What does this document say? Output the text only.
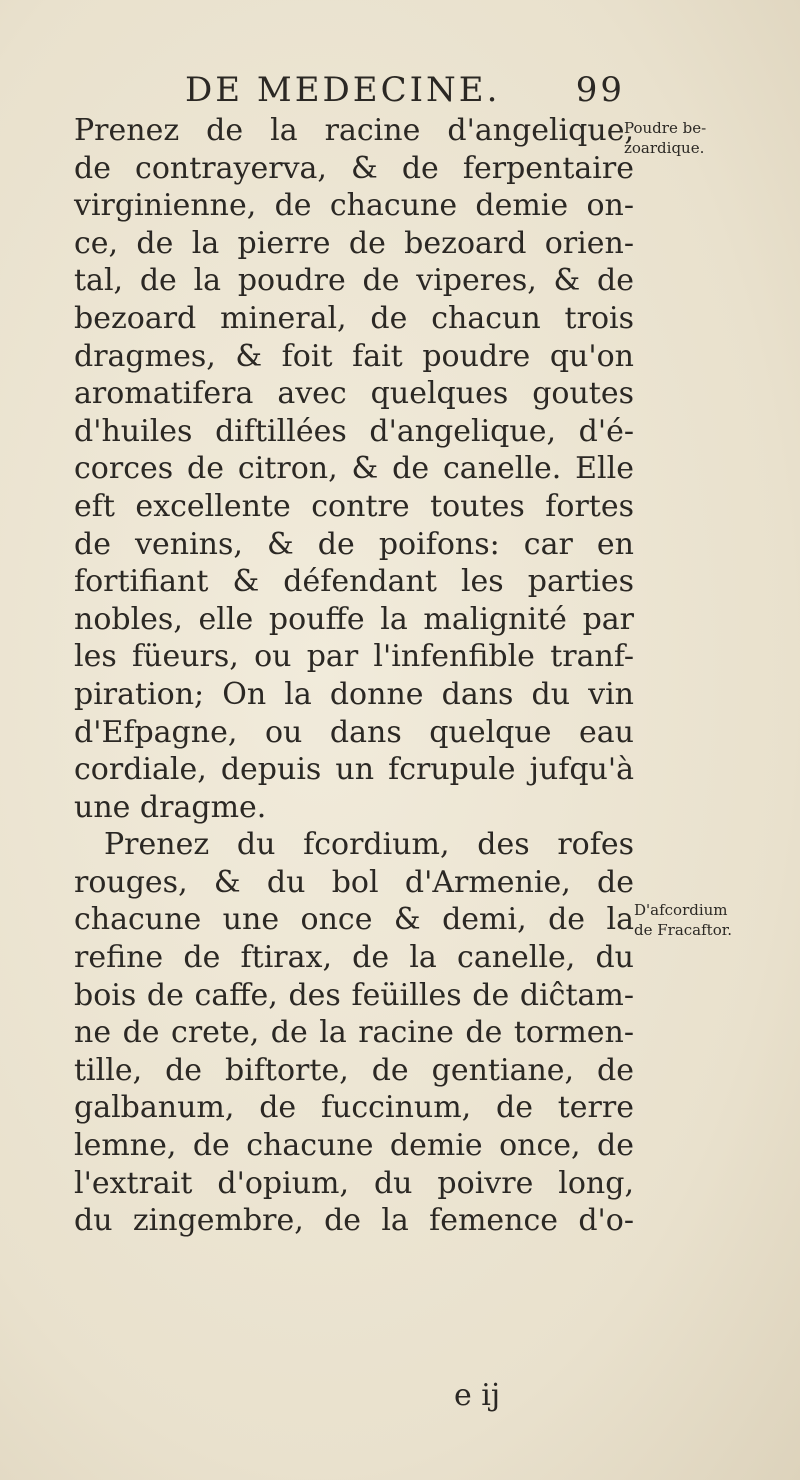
DE MEDECINE. 99
Poudre be-
zoardique.
D'afcordium
de Fracaftor.
Prenez de la racine d'angelique,
de contrayerva, & de ferpentaire
virginienne, de chacune demie on-
ce, de la pierre de bezoard orien-
tal, de la poudre de viperes, & de
bezoard mineral, de chacun trois
dragmes, & foit fait poudre qu'on
aromatifera avec quelques goutes
d'huiles diftillées d'angelique, d'é-
corces de citron, & de canelle. Elle
eft excellente contre toutes fortes
de venins, & de poifons: car en
fortifiant & défendant les parties
nobles, elle pouffe la malignité par
les füeurs, ou par l'infenfible tranf-
piration; On la donne dans du vin
d'Efpagne, ou dans quelque eau
cordiale, depuis un fcrupule jufqu'à
une dragme.
Prenez du fcordium, des rofes
rouges, & du bol d'Armenie, de
chacune une once & demi, de la
refine de ftirax, de la canelle, du
bois de caffe, des feüilles de diĉtam-
ne de crete, de la racine de tormen-
tille, de biftorte, de gentiane, de
galbanum, de fuccinum, de terre
lemne, de chacune demie once, de
l'extrait d'opium, du poivre long,
du zingembre, de la femence d'o-
e ij
